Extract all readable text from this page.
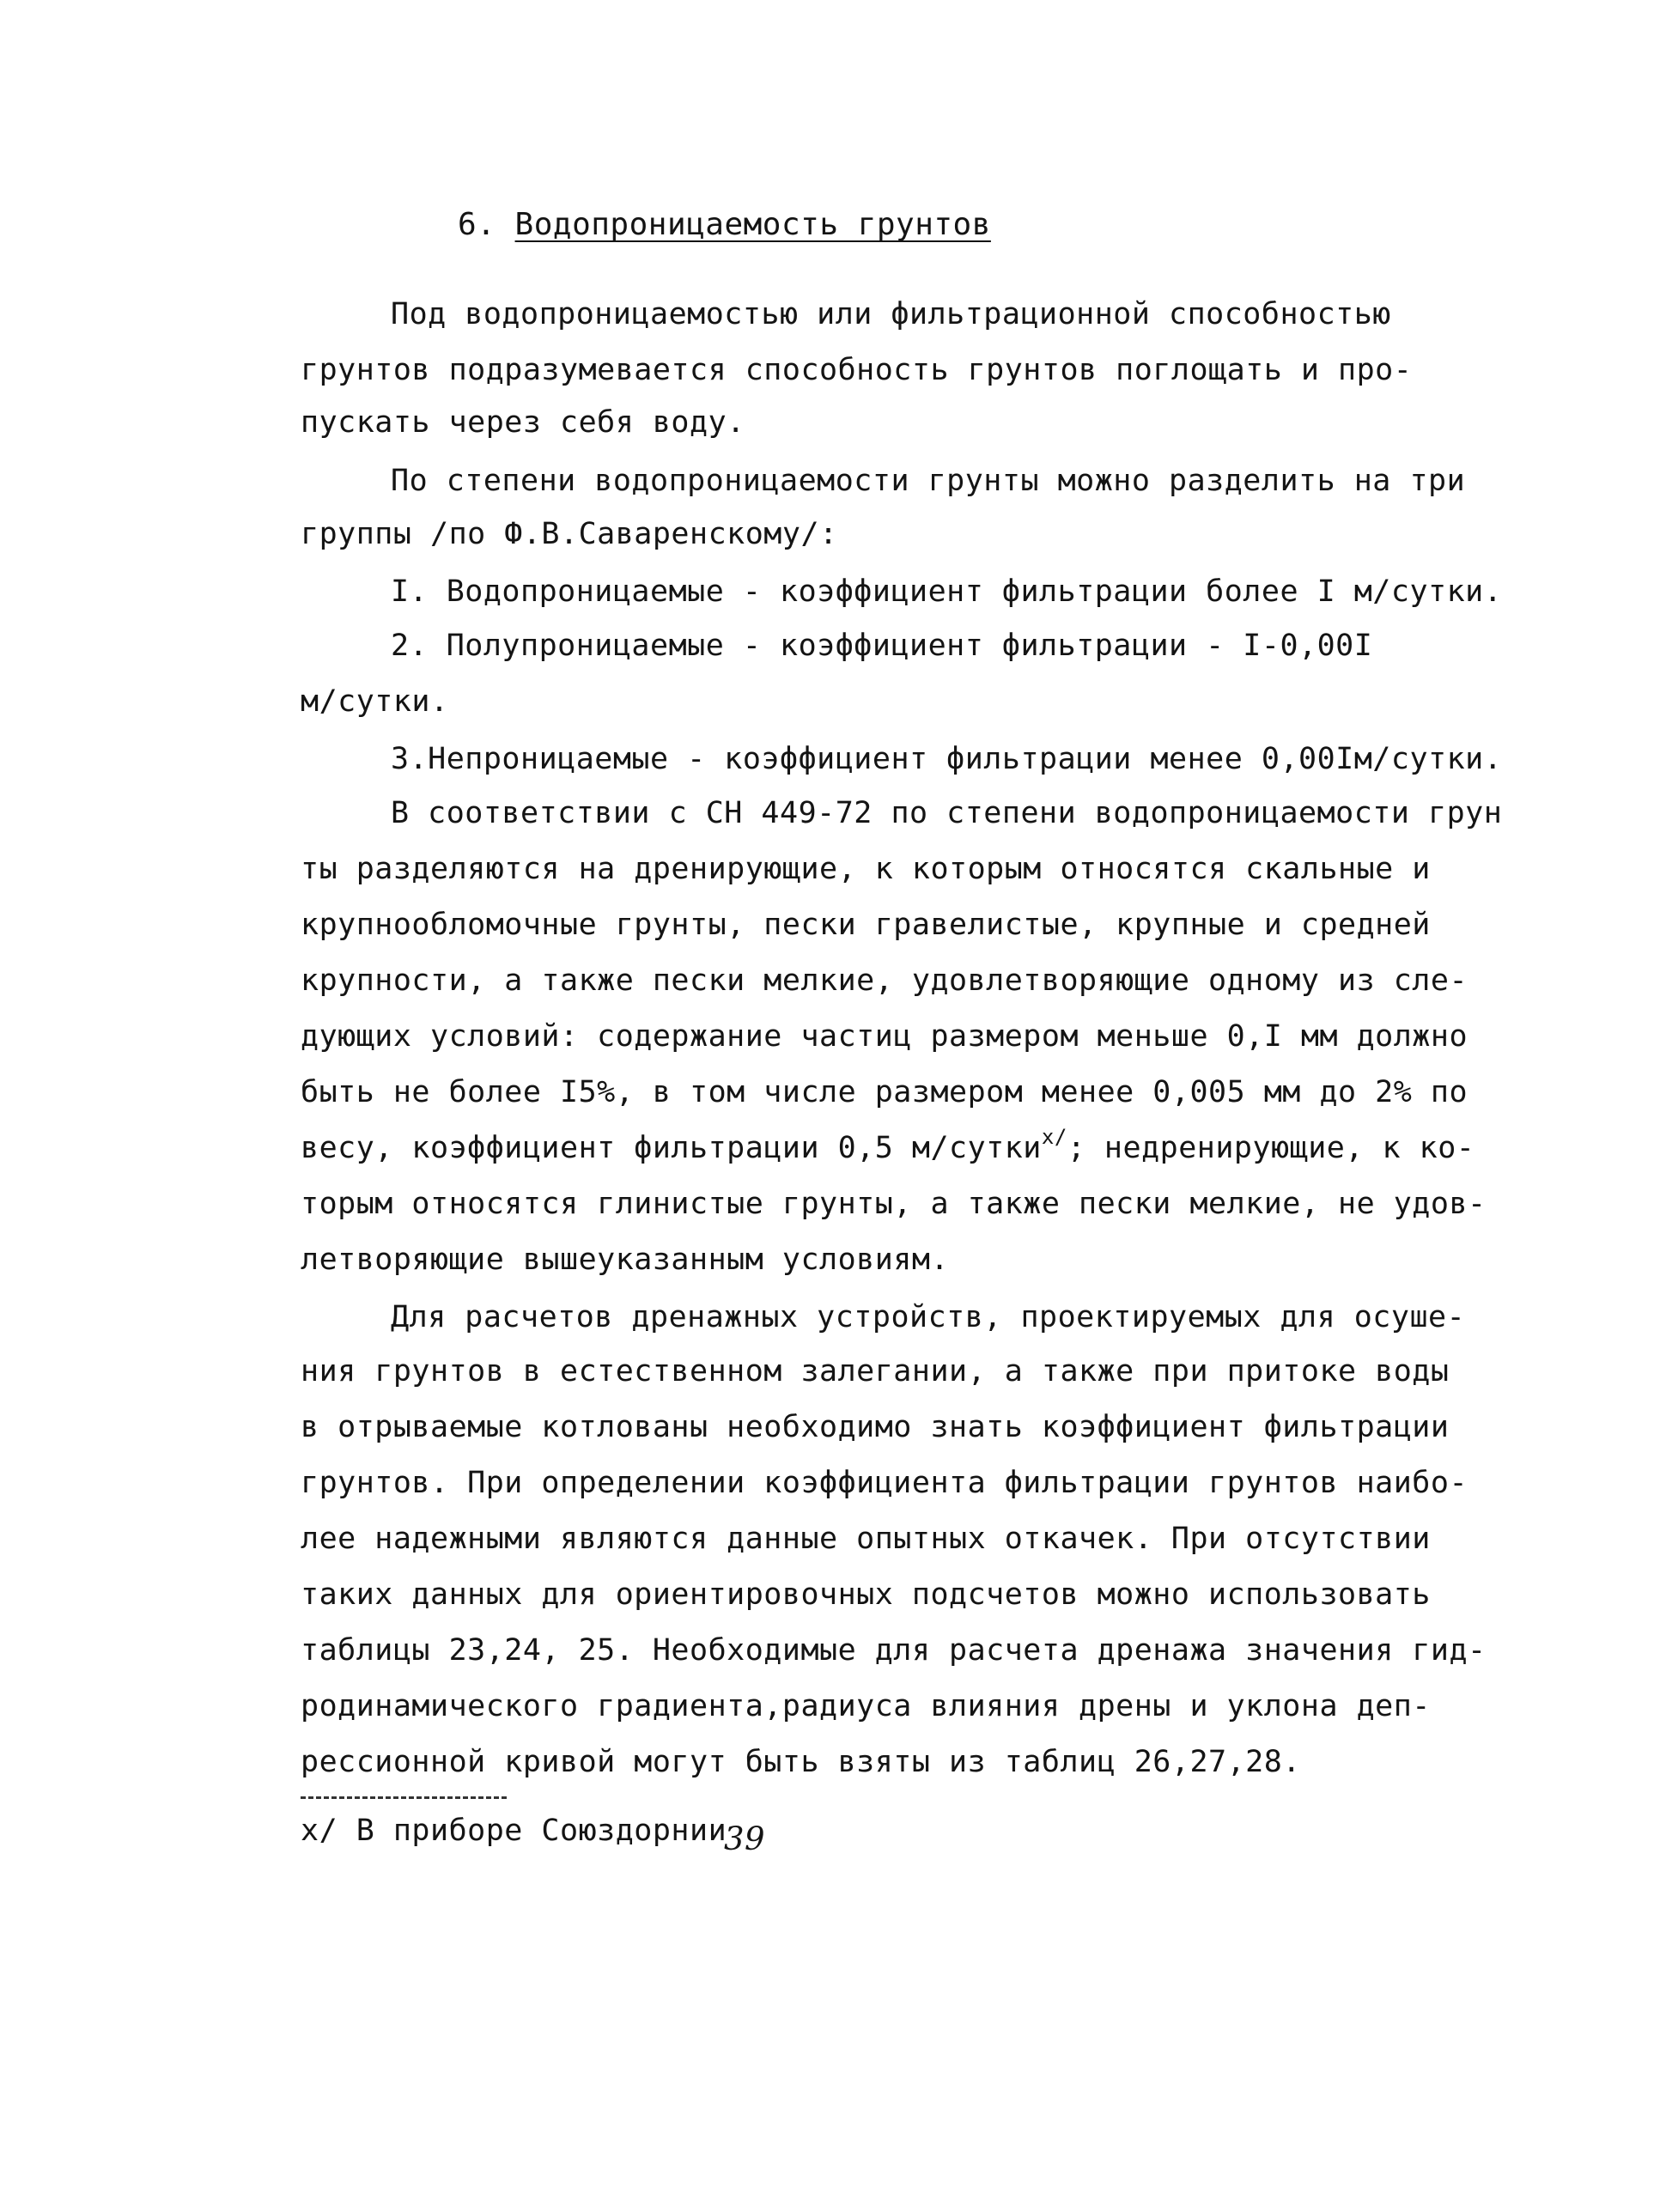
6. Водопроницаемость грунтов

Под водопроницаемостью или фильтрационной способностью

грунтов подразумевается способность грунтов поглощать и про-

пускать через себя воду.

По степени водопроницаемости грунты можно разделить на три

группы /по Ф.В.Саваренскому/:

I. Водопроницаемые - коэффициент фильтрации более I м/сутки.

2. Полупроницаемые - коэффициент фильтрации - I-0,00I

м/сутки.

3.Непроницаемые - коэффициент фильтрации менее 0,00Iм/сутки.

В соответствии с СН 449-72 по степени водопроницаемости грун

ты разделяются на дренирующие, к которым относятся скальные и

крупнообломочные грунты, пески гравелистые, крупные и средней

крупности, а также пески мелкие, удовлетворяющие одному из сле-

дующих условий: содержание частиц размером меньше 0,I мм должно

быть не более I5%, в том числе размером менее 0,005 мм до 2% по

весу, коэффициент фильтрации 0,5 м/сутки$^{x/}$; недренирующие, к ко-

торым относятся глинистые грунты, а также пески мелкие, не удов-

летворяющие вышеуказанным условиям.

Для расчетов дренажных устройств, проектируемых для осуше-

ния грунтов в естественном залегании, а также при притоке воды

в отрываемые котлованы необходимо знать коэффициент фильтрации

грунтов. При определении коэффициента фильтрации грунтов наибо-

лее надежными являются данные опытных откачек. При отсутствии

таких данных для ориентировочных подсчетов можно использовать

таблицы 23,24, 25. Необходимые для расчета дренажа значения гид-

родинамического градиента,радиуса влияния дрены и уклона деп-

рессионной кривой могут быть взяты из таблиц 26,27,28.

x/ В приборе Союздорнии

39
